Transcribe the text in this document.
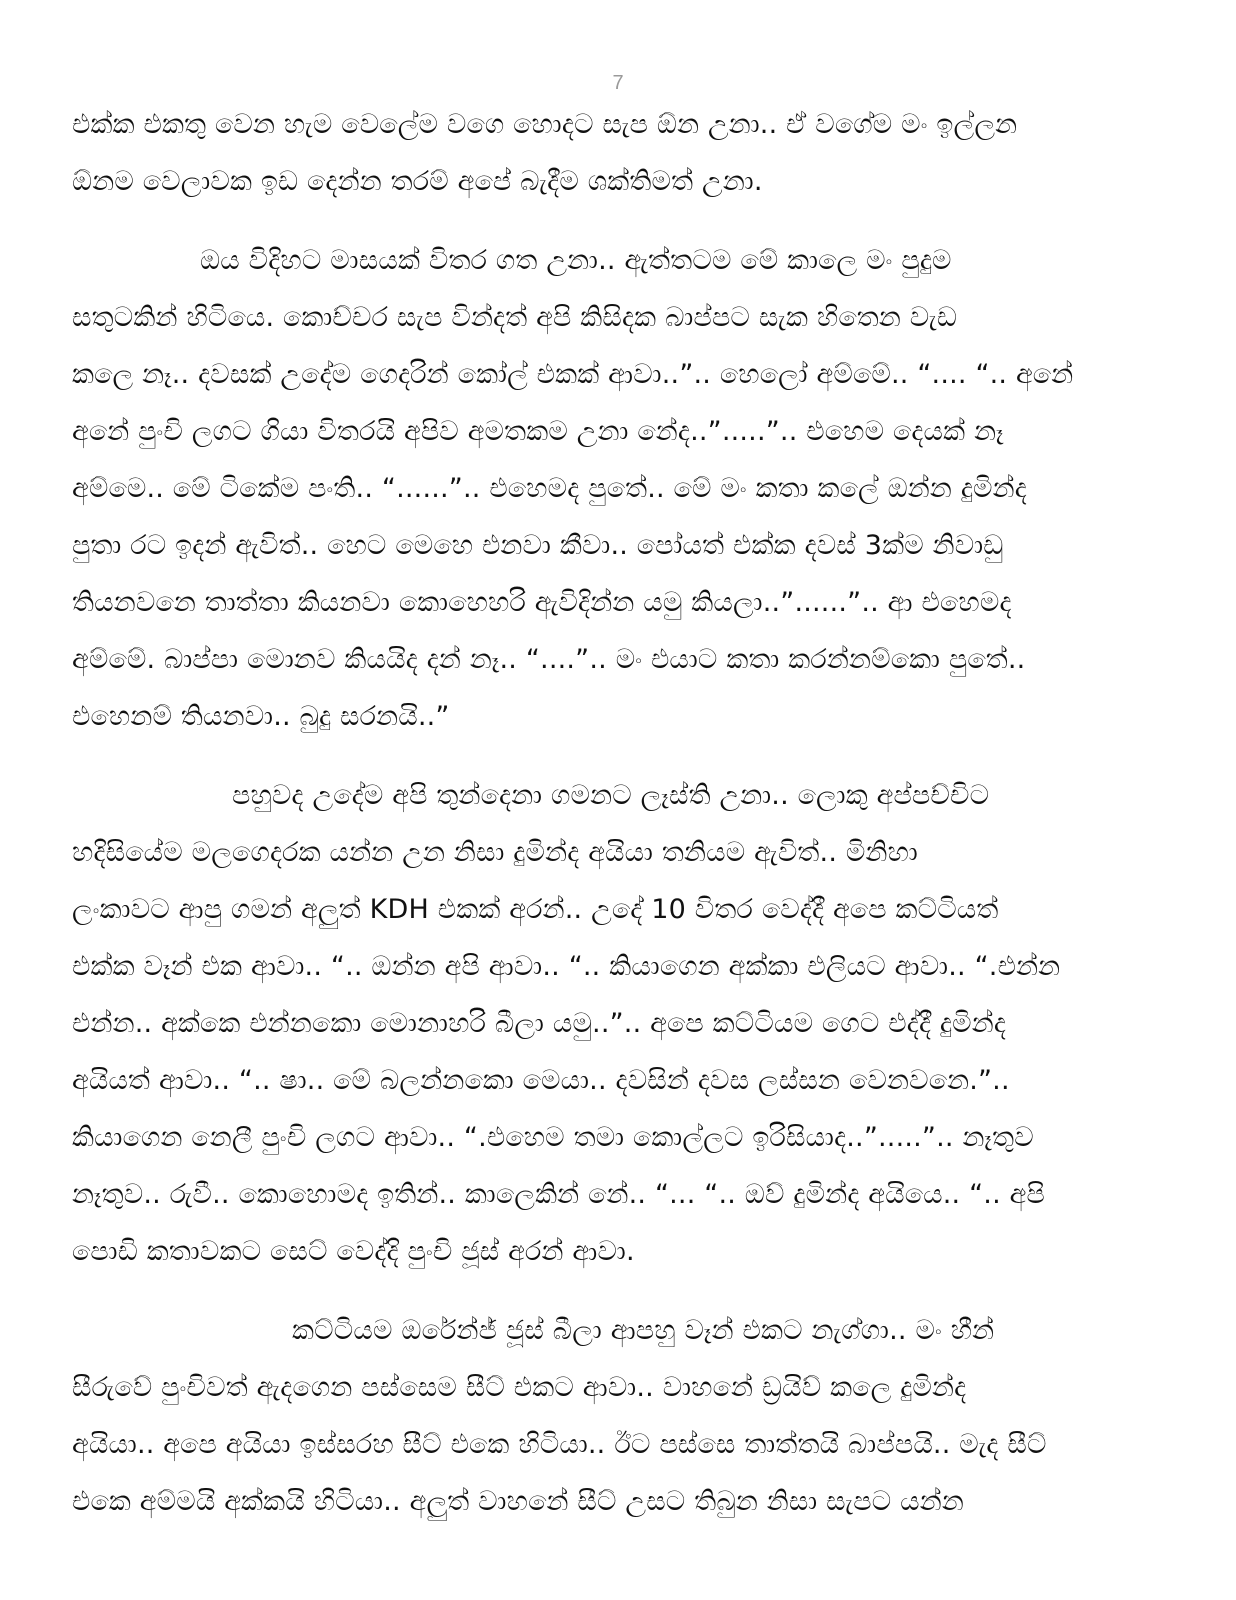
7
එක්ක එකතු වෙන හැම වෙලේම වගෙ හොදට සැප ඕන උනා.. ඒ වගේම මං ඉල්ලන
ඕනම වෙලාවක ඉඩ දෙන්න තරම් අපේ බැදීම ශක්තිමත් උනා.
ඔය විදිහට මාසයක් විතර ගත උනා.. ඇත්තටම මේ කාලෙ මං පුදුම
සතුටකින් හිටියෙ. කොච්චර සැප වින්දත් අපි කිසිදක බාප්පට සැක හිතෙන වැඩ
කලෙ නෑ.. දවසක් උදේම ගෙදරින් කෝල් එකක් ආවා..”.. හෙලෝ අම්මේ.. “.... “.. අනේ
අනේ පුංචි ලගට ගියා විතරයි අපිව අමතකම උනා නේද..”.....”.. එහෙම දෙයක් නෑ
අම්මෙ.. මේ ටිකේම පංති.. “......”.. එහෙමද පුතේ.. මේ මං කතා කලේ ඔන්න දුමින්ද
පුතා රට ඉදන් ඇවිත්.. හෙට මෙහෙ එනවා කීවා.. පෝයත් එක්ක දවස් 3ක්ම නිවාඩු
තියනවනෙ තාත්තා කියනවා කොහෙහරි ඇවිදින්න යමු කියලා..”......”.. ආ එහෙමද
අම්මේ. බාප්පා මොනව කියයිද දන් නෑ.. “....”.. මං එයාට කතා කරන්නම්කො පුතේ..
එහෙනම් තියනවා.. බුදු සරනයි..”
පහුවද උදේම අපි තුන්දෙනා ගමනට ලෑස්ති උනා.. ලොකු අප්පච්චිට
හදිසියේම මලගෙදරක යන්න උන නිසා දුමින්ද අයියා තනියම ඇවිත්.. මිනිහා
ලංකාවට ආපු ගමන් අලුත් KDH එකක් අරන්.. උදේ 10 විතර වෙද්දී අපෙ කට්ටියත්
එක්ක වෑන් එක ආවා.. “.. ඔන්න අපි ආවා.. “.. කියාගෙන අක්කා එලියට ආවා.. “.එන්න
එන්න.. අක්කෙ එන්නකො මොනාහරි බීලා යමු..”.. අපෙ කට්ටියම ගෙට එද්දී දුමින්ද
අයියත් ආවා.. “.. ෂා.. මේ බලන්නකො මෙයා.. දවසින් දවස ලස්සන වෙනවනෙ.”..
කියාගෙන නෙලී පුංචි ලගට ආවා.. “.එහෙම තමා කොල්ලට ඉරිසියාද..”.....”.. නෑතුව
නෑතුව.. රුවී.. කොහොමද ඉතින්.. කාලෙකින් නේ.. “... “.. ඔව් දුමින්ද අයියෙ.. “.. අපි
පොඩි කතාවකට සෙට් වෙද්දි පුංචි ජූස් අරන් ආවා.
කට්ටියම ඔරේන්ජ් ජූස් බීලා ආපහු වෑන් එකට නැග්ගා.. මං හීන්
සීරුවේ පුංචිවත් ඇදගෙන පස්සෙම සීට් එකට ආවා.. වාහනේ ඩ්‍රයිව් කලෙ දුමින්ද
අයියා.. අපෙ අයියා ඉස්සරහ සීට් එකෙ හිටියා.. ඊට පස්සෙ තාත්තයි බාප්පයි.. මැද සීට්
එකෙ අම්මයි අක්කයි හිටියා.. අලුත් වාහනේ සීට් උසට තිබුන නිසා සැපට යන්න
